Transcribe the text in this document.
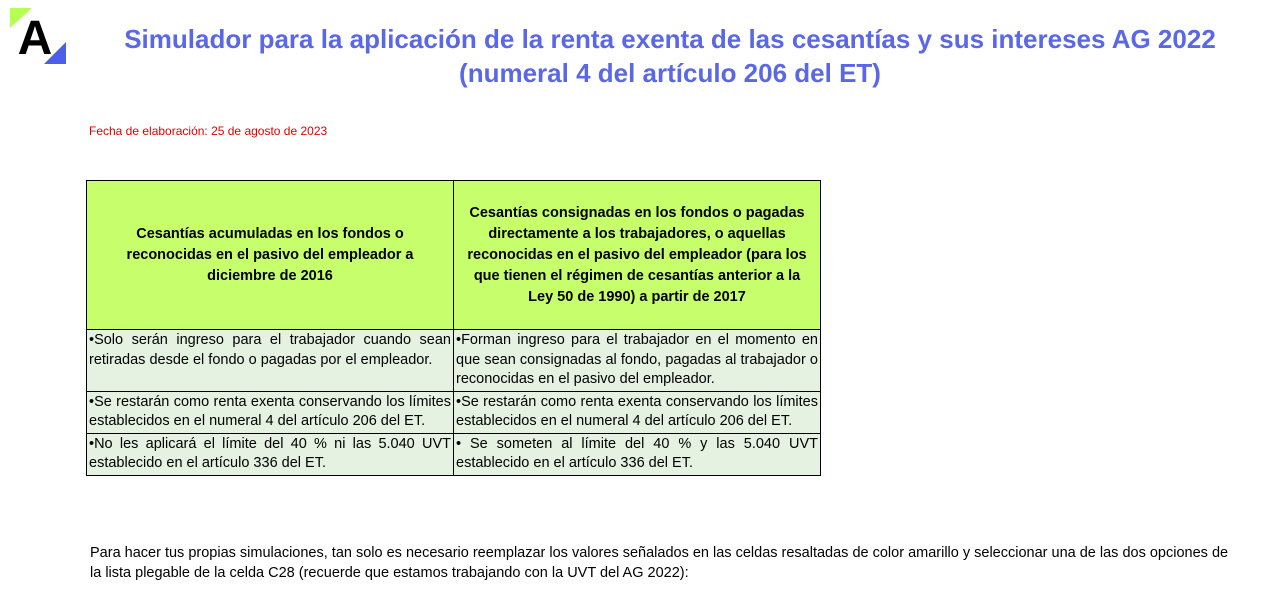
A	Simulador para la aplicación de la renta exenta de las cesantías y sus intereses AG 2022
(numeral 4 del artículo 206 del ET)
Fecha de elaboración: 25 de agosto de 2023
Cesantías acumuladas en los fondos o reconocidas en el pasivo del empleador a diciembre de 2016	Cesantías consignadas en los fondos o pagadas directamente a los trabajadores, o aquellas reconocidas en el pasivo del empleador (para los que tienen el régimen de cesantías anterior a la Ley 50 de 1990) a partir de 2017
•Solo serán ingreso para el trabajador cuando sean retiradas desde el fondo o pagadas por el empleador.	•Forman ingreso para el trabajador en el momento en que sean consignadas al fondo, pagadas al trabajador o reconocidas en el pasivo del empleador.
•Se restarán como renta exenta conservando los límites establecidos en el numeral 4 del artículo 206 del ET.	•Se restarán como renta exenta conservando los límites establecidos en el numeral 4 del artículo 206 del ET.
•No les aplicará el límite del 40 % ni las 5.040 UVT establecido en el artículo 336 del ET.	• Se someten al límite del 40 % y las 5.040 UVT establecido en el artículo 336 del ET.
Para hacer tus propias simulaciones, tan solo es necesario reemplazar los valores señalados en las celdas resaltadas de color amarillo y seleccionar una de las dos opciones de la lista plegable de la celda C28 (recuerde que estamos trabajando con la UVT del AG 2022):
